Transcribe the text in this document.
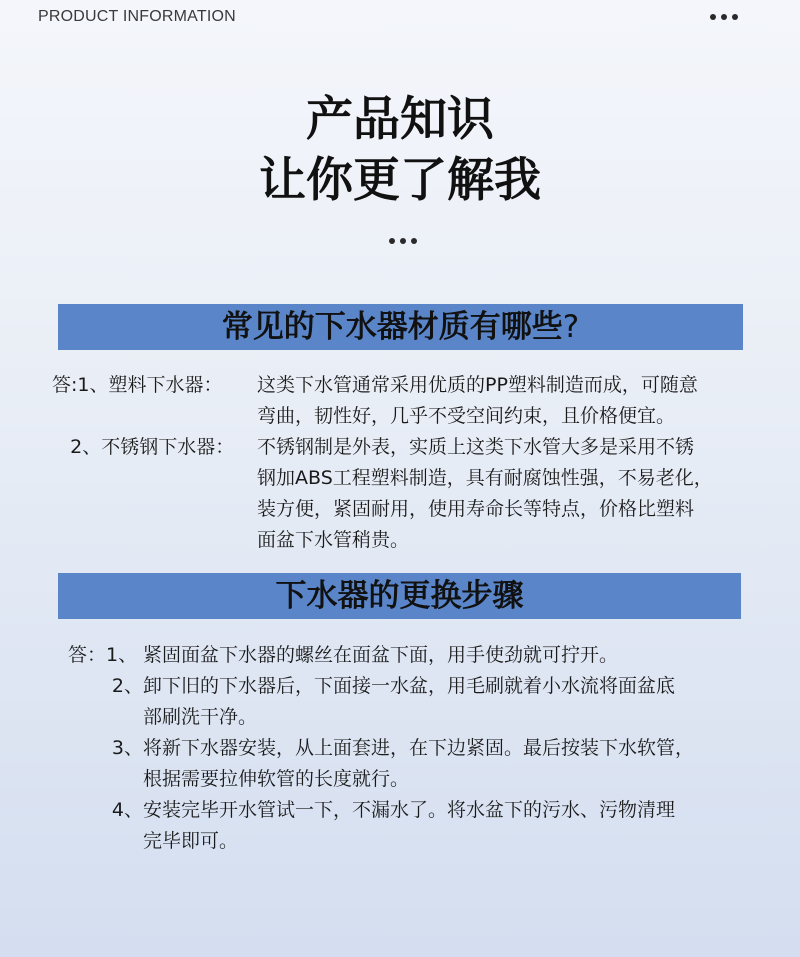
PRODUCT INFORMATION
产品知识
让你更了解我
常见的下水器材质有哪些?
答:1、塑料下水器：	这类下水管通常采用优质的PP塑料制造而成，可随意
弯曲，韧性好，几乎不受空间约束，且价格便宜。
2、不锈钢下水器：	不锈钢制是外表，实质上这类下水管大多是采用不锈
钢加ABS工程塑料制造，具有耐腐蚀性强，不易老化，
装方便，紧固耐用，使用寿命长等特点，价格比塑料
面盆下水管稍贵。
下水器的更换步骤
答：1、 紧固面盆下水器的螺丝在面盆下面，用手使劲就可拧开。
2、 卸下旧的下水器后，下面接一水盆，用毛刷就着小水流将面盆底
部刷洗干净。
3、 将新下水器安装，从上面套进，在下边紧固。最后按装下水软管，
根据需要拉伸软管的长度就行。
4、 安装完毕开水管试一下，不漏水了。将水盆下的污水、污物清理
完毕即可。
